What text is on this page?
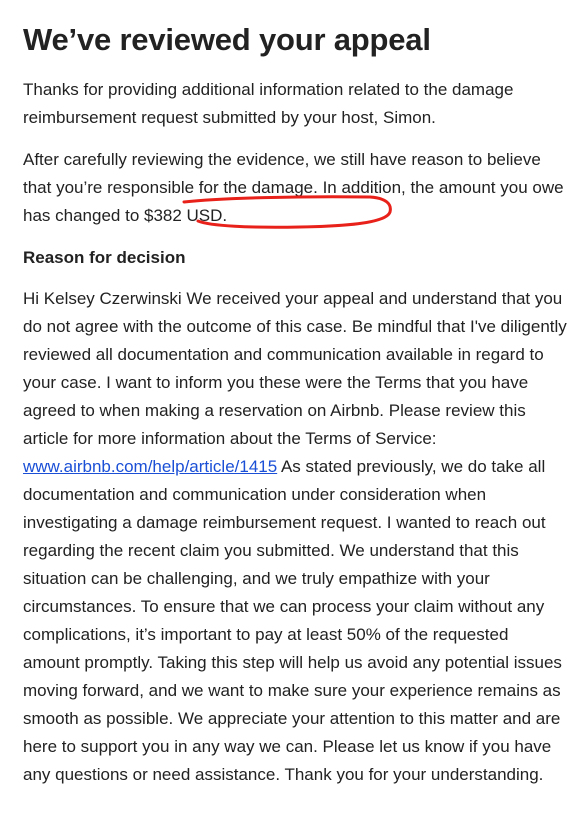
We’ve reviewed your appeal

Thanks for providing additional information related to the damage reimbursement request submitted by your host, Simon.

After carefully reviewing the evidence, we still have reason to believe that you’re responsible for the damage. In addition, the amount you owe has changed to $382 USD.

Reason for decision

Hi Kelsey Czerwinski We received your appeal and understand that you do not agree with the outcome of this case. Be mindful that I've diligently reviewed all documentation and communication available in regard to your case. I want to inform you these were the Terms that you have agreed to when making a reservation on Airbnb. Please review this article for more information about the Terms of Service: www.airbnb.com/help/article/1415 As stated previously, we do take all documentation and communication under consideration when investigating a damage reimbursement request. I wanted to reach out regarding the recent claim you submitted. We understand that this situation can be challenging, and we truly empathize with your circumstances. To ensure that we can process your claim without any complications, it’s important to pay at least 50% of the requested amount promptly. Taking this step will help us avoid any potential issues moving forward, and we want to make sure your experience remains as smooth as possible. We appreciate your attention to this matter and are here to support you in any way we can. Please let us know if you have any questions or need assistance. Thank you for your understanding.
